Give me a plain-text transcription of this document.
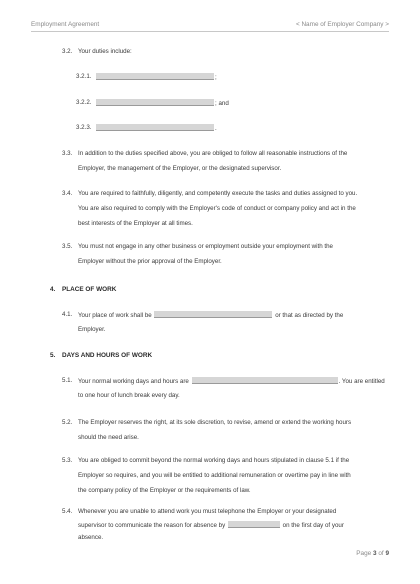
Employment Agreement	< Name of Employer Company >
3.2. Your duties include:
3.2.1.	;
3.2.2.	; and
3.2.3.	.
3.3. In addition to the duties specified above, you are obliged to follow all reasonable instructions of the
Employer, the management of the Employer, or the designated supervisor.
3.4. You are required to faithfully, diligently, and competently execute the tasks and duties assigned to you.
You are also required to comply with the Employer's code of conduct or company policy and act in the
best interests of the Employer at all times.
3.5. You must not engage in any other business or employment outside your employment with the
Employer without the prior approval of the Employer.
4. PLACE OF WORK
4.1. Your place of work shall be	or that as directed by the
Employer.
5. DAYS AND HOURS OF WORK
5.1. Your normal working days and hours are	. You are entitled
to one hour of lunch break every day.
5.2. The Employer reserves the right, at its sole discretion, to revise, amend or extend the working hours
should the need arise.
5.3. You are obliged to commit beyond the normal working days and hours stipulated in clause 5.1 if the
Employer so requires, and you will be entitled to additional remuneration or overtime pay in line with
the company policy of the Employer or the requirements of law.
5.4. Whenever you are unable to attend work you must telephone the Employer or your designated
supervisor to communicate the reason for absence by	on the first day of your
absence.
Page 3 of 9
